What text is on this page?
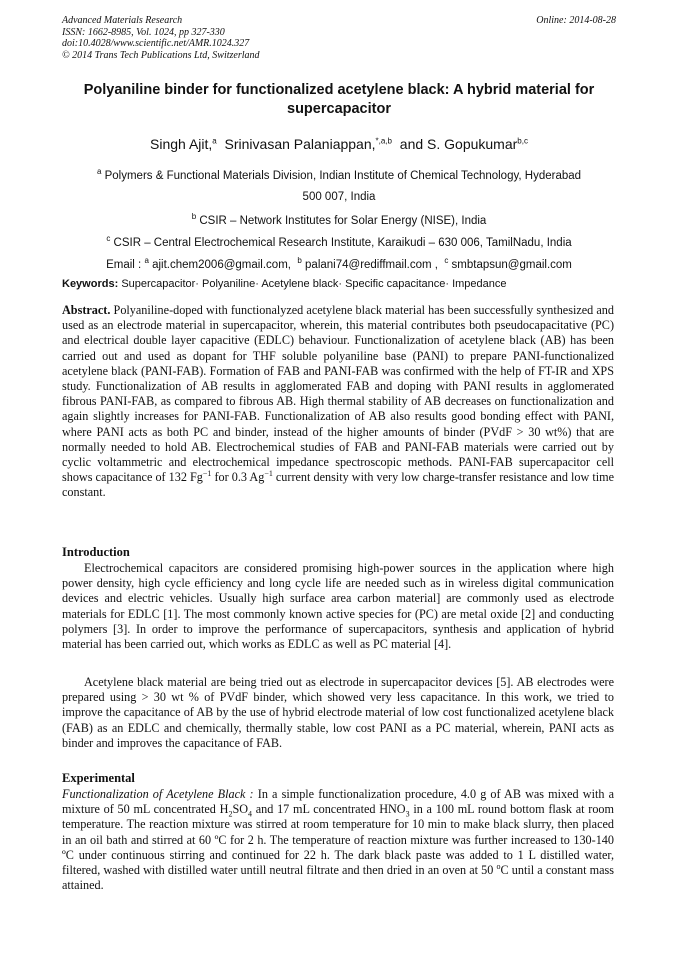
Advanced Materials Research
ISSN: 1662-8985, Vol. 1024, pp 327-330
doi:10.4028/www.scientific.net/AMR.1024.327
© 2014 Trans Tech Publications Ltd, Switzerland
Online: 2014-08-28
Polyaniline binder for functionalized acetylene black: A hybrid material for supercapacitor
Singh Ajit,$^a$ Srinivasan Palaniappan,$^{*,a,b}$ and S. Gopukumar$^{b,c}$
$^a$ Polymers & Functional Materials Division, Indian Institute of Chemical Technology, Hyderabad
500 007, India
$^b$ CSIR – Network Institutes for Solar Energy (NISE), India
$^c$ CSIR – Central Electrochemical Research Institute, Karaikudi – 630 006, TamilNadu, India
Email : $^a$ ajit.chem2006@gmail.com, $^b$ palani74@rediffmail.com , $^c$ smbtapsun@gmail.com
Keywords: Supercapacitor· Polyaniline· Acetylene black· Specific capacitance· Impedance
Abstract. Polyaniline-doped with functionalyzed acetylene black material has been successfully synthesized and used as an electrode material in supercapacitor, wherein, this material contributes both pseudocapacitative (PC) and electrical double layer capacitive (EDLC) behaviour. Functionalization of acetylene black (AB) has been carried out and used as dopant for THF soluble polyaniline base (PANI) to prepare PANI-functionalized acetylene black (PANI-FAB). Formation of FAB and PANI-FAB was confirmed with the help of FT-IR and XPS study. Functionalization of AB results in agglomerated FAB and doping with PANI results in agglomerated fibrous PANI-FAB, as compared to fibrous AB. High thermal stability of AB decreases on functionalization and again slightly increases for PANI-FAB. Functionalization of AB also results good bonding effect with PANI, where PANI acts as both PC and binder, instead of the higher amounts of binder (PVdF > 30 wt%) that are normally needed to hold AB. Electrochemical studies of FAB and PANI-FAB materials were carried out by cyclic voltammetric and electrochemical impedance spectroscopic methods. PANI-FAB supercapacitor cell shows capacitance of 132 $Fg^{-1}$ for 0.3 $Ag^{-1}$ current density with very low charge-transfer resistance and low time constant.
Introduction
Electrochemical capacitors are considered promising high-power sources in the application where high power density, high cycle efficiency and long cycle life are needed such as in wireless digital communication devices and electric vehicles. Usually high surface area carbon material] are commonly used as electrode materials for EDLC [1]. The most commonly known active species for (PC) are metal oxide [2] and conducting polymers [3]. In order to improve the performance of supercapacitors, synthesis and application of hybrid material has been carried out, which works as EDLC as well as PC material [4].
Acetylene black material are being tried out as electrode in supercapacitor devices [5]. AB electrodes were prepared using > 30 wt % of PVdF binder, which showed very less capacitance. In this work, we tried to improve the capacitance of AB by the use of hybrid electrode material of low cost functionalized acetylene black (FAB) as an EDLC and chemically, thermally stable, low cost PANI as a PC material, wherein, PANI acts as binder and improves the capacitance of FAB.
Experimental
Functionalization of Acetylene Black : In a simple functionalization procedure, 4.0 g of AB was mixed with a mixture of 50 mL concentrated $H_2SO_4$ and 17 mL concentrated $HNO_3$ in a 100 mL round bottom flask at room temperature. The reaction mixture was stirred at room temperature for 10 min to make black slurry, then placed in an oil bath and stirred at 60 ºC for 2 h. The temperature of reaction mixture was further increased to 130-140 ºC under continuous stirring and continued for 22 h. The dark black paste was added to 1 L distilled water, filtered, washed with distilled water untill neutral filtrate and then dried in an oven at 50 $^o$C until a constant mass attained.
